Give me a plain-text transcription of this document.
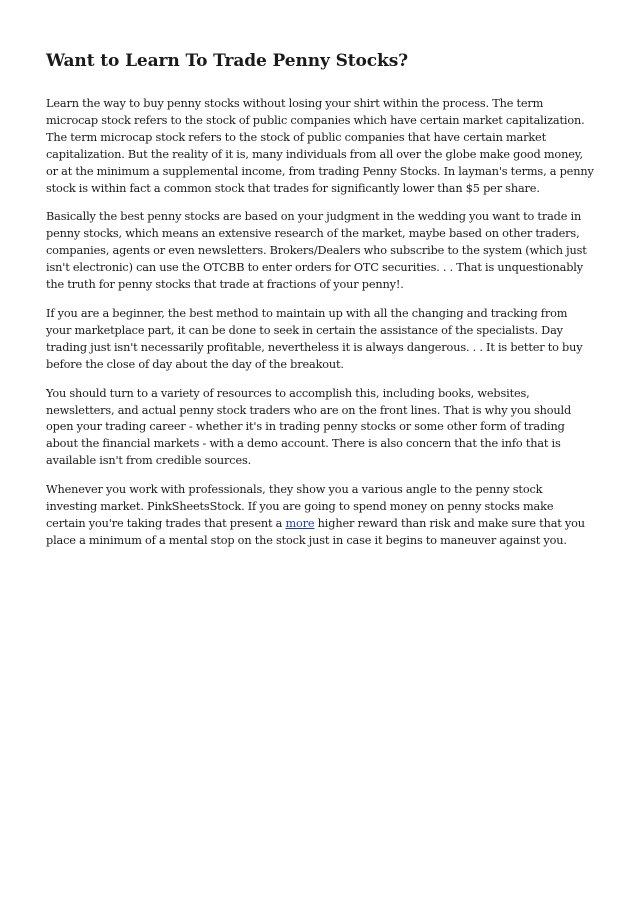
Want to Learn To Trade Penny Stocks?

Learn the way to buy penny stocks without losing your shirt within the process. The term microcap stock refers to the stock of public companies which have certain market capitalization. The term microcap stock refers to the stock of public companies that have certain market capitalization. But the reality of it is, many individuals from all over the globe make good money, or at the minimum a supplemental income, from trading Penny Stocks. In layman's terms, a penny stock is within fact a common stock that trades for significantly lower than $5 per share.

Basically the best penny stocks are based on your judgment in the wedding you want to trade in penny stocks, which means an extensive research of the market, maybe based on other traders, companies, agents or even newsletters. Brokers/Dealers who subscribe to the system (which just isn't electronic) can use the OTCBB to enter orders for OTC securities. . . That is unquestionably the truth for penny stocks that trade at fractions of your penny!.

If you are a beginner, the best method to maintain up with all the changing and tracking from your marketplace part, it can be done to seek in certain the assistance of the specialists. Day trading just isn't necessarily profitable, nevertheless it is always dangerous. . . It is better to buy before the close of day about the day of the breakout.

You should turn to a variety of resources to accomplish this, including books, websites, newsletters, and actual penny stock traders who are on the front lines. That is why you should open your trading career - whether it's in trading penny stocks or some other form of trading about the financial markets - with a demo account. There is also concern that the info that is available isn't from credible sources.

Whenever you work with professionals, they show you a various angle to the penny stock investing market. PinkSheetsStock. If you are going to spend money on penny stocks make certain you're taking trades that present a more higher reward than risk and make sure that you place a minimum of a mental stop on the stock just in case it begins to maneuver against you.
